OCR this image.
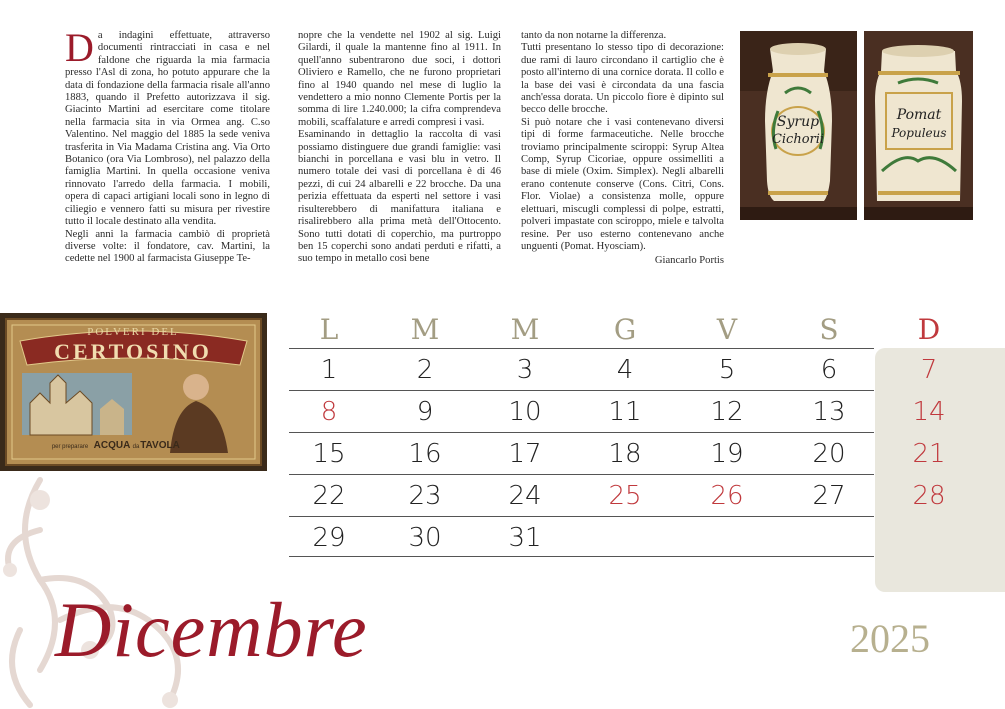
Da indagini effettuate, attraverso documenti rintracciati in casa e nel faldone che riguarda la mia farmacia presso l'Asl di zona, ho potuto appurare che la data di fondazione della farmacia risale all'anno 1883, quando il Prefetto autorizzava il sig. Giacinto Martini ad esercitare come titolare nella farmacia sita in via Ormea ang. C.so Valentino. Nel maggio del 1885 la sede veniva trasferita in Via Madama Cristina ang. Via Orto Botanico (ora Via Lombroso), nel palazzo della famiglia Martini. In quella occasione veniva rinnovato l'arredo della farmacia. I mobili, opera di capaci artigiani locali sono in legno di ciliegio e vennero fatti su misura per rivestire tutto il locale destinato alla vendita.

Negli anni la farmacia cambiò di proprietà diverse volte: il fondatore, cav. Martini, la cedette nel 1900 al farmacista Giuseppe Te-

nopre che la vendette nel 1902 al sig. Luigi Gilardi, il quale la mantenne fino al 1911. In quell'anno subentrarono due soci, i dottori Oliviero e Ramello, che ne furono proprietari fino al 1940 quando nel mese di luglio la vendettero a mio nonno Clemente Portis per la somma di lire 1.240.000; la cifra comprendeva mobili, scaffalature e arredi compresi i vasi.

Esaminando in dettaglio la raccolta di vasi possiamo distinguere due grandi famiglie: vasi bianchi in porcellana e vasi blu in vetro. Il numero totale dei vasi di porcellana è di 46 pezzi, di cui 24 albarelli e 22 brocche. Da una perizia effettuata da esperti nel settore i vasi risulterebbero di manifattura italiana e risalirebbero alla prima metà dell'Ottocento. Sono tutti dotati di coperchio, ma purtroppo ben 15 coperchi sono andati perduti e rifatti, a suo tempo in metallo così bene

tanto da non notarne la differenza.

Tutti presentano lo stesso tipo di decorazione: due rami di lauro circondano il cartiglio che è posto all'interno di una cornice dorata. Il collo e la base dei vasi è circondata da una fascia anch'essa dorata. Un piccolo fiore è dipinto sul becco delle brocche.

Si può notare che i vasi contenevano diversi tipi di forme farmaceutiche. Nelle brocche troviamo principalmente sciroppi: Syrup Altea Comp, Syrup Cicoriae, oppure ossimelliti a base di miele (Oxim. Simplex). Negli albarelli erano contenute conserve (Cons. Citri, Cons. Flor. Violae) a consistenza molle, oppure elettuari, miscugli complessi di polpe, estratti, polveri impastate con sciroppo, miele e talvolta resine. Per uso esterno contenevano anche unguenti (Pomat. Hyosciam).

Giancarlo Portis

Syrup
Cichorii
Pomat
Populeus
POLVERI DEL
CERTOSINO
per preparare ACQUA da TAVOLA
L	M	M	G	V	S	D
1	2	3	4	5	6	7
8	9	10	11	12	13	14
15	16	17	18	19	20	21
22	23	24	25	26	27	28
29	30	31
Dicembre	2025
